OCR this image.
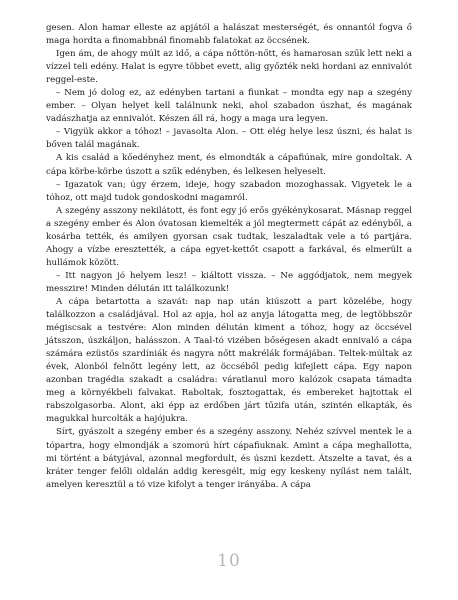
gesen. Alon hamar elleste az apjától a halászat mesterségét, és onnantól fogva ő maga hordta a finomabbnál finomabb falatokat az öccsének.

Igen ám, de ahogy múlt az idő, a cápa nőttön-nőtt, és hamarosan szűk lett neki a vízzel teli edény. Halat is egyre többet evett, alig győzték neki hordani az ennivalót reggel-este.

– Nem jó dolog ez, az edényben tartani a fiunkat – mondta egy nap a szegény ember. – Olyan helyet kell találnunk neki, ahol szabadon úszhat, és magának vadászhatja az ennivalót. Készen áll rá, hogy a maga ura legyen.

– Vigyük akkor a tóhoz! – javasolta Alon. – Ott elég helye lesz úszni, és halat is bőven talál magának.

A kis család a kőedényhez ment, és elmondták a cápafiúnak, mire gondoltak. A cápa körbe-körbe úszott a szűk edényben, és lelkesen helyeselt.

– Igazatok van; úgy érzem, ideje, hogy szabadon mozoghassak. Vigyetek le a tóhoz, ott majd tudok gondoskodni magamról.

A szegény asszony nekilátott, és font egy jó erős gyékénykosarat. Másnap reggel a szegény ember és Alon óvatosan kiemelték a jól megtermett cápát az edényből, a kosárba tették, és amilyen gyorsan csak tudtak, leszaladtak vele a tó partjára. Ahogy a vízbe eresztették, a cápa egyet-kettőt csapott a farkával, és elmerült a hullámok között.

– Itt nagyon jó helyem lesz! – kiáltott vissza. – Ne aggódjatok, nem megyek messzire! Minden délután itt találkozunk!

A cápa betartotta a szavát: nap nap után kiúszott a part közelébe, hogy találkozzon a családjával. Hol az apja, hol az anyja látogatta meg, de legtöbbször mégiscsak a testvére: Alon minden délután kiment a tóhoz, hogy az öccsével játsszon, úszkáljon, halásszon. A Taal-tó vizében bőségesen akadt ennivaló a cápa számára ezüstös szardíniák és nagyra nőtt makrélák formájában. Teltek-múltak az évek, Alonból felnőtt legény lett, az öccséből pedig kifejlett cápa. Egy napon azonban tragédia szakadt a családra: váratlanul moro kalózok csapata támadta meg a környékbeli falvakat. Raboltak, fosztogattak, és embereket hajtottak el rabszolgasorba. Alont, aki épp az erdőben járt tűzifa után, szintén elkapták, és magukkal hurcolták a hajójukra.

Sírt, gyászolt a szegény ember és a szegény asszony. Nehéz szívvel mentek le a tópartra, hogy elmondják a szomorú hírt cápafiuknak. Amint a cápa meghallotta, mi történt a bátyjával, azonnal megfordult, és úszni kezdett. Átszelte a tavat, és a kráter tenger felőli oldalán addig keresgélt, míg egy keskeny nyílást nem talált, amelyen keresztül a tó vize kifolyt a tenger irányába. A cápa

10
